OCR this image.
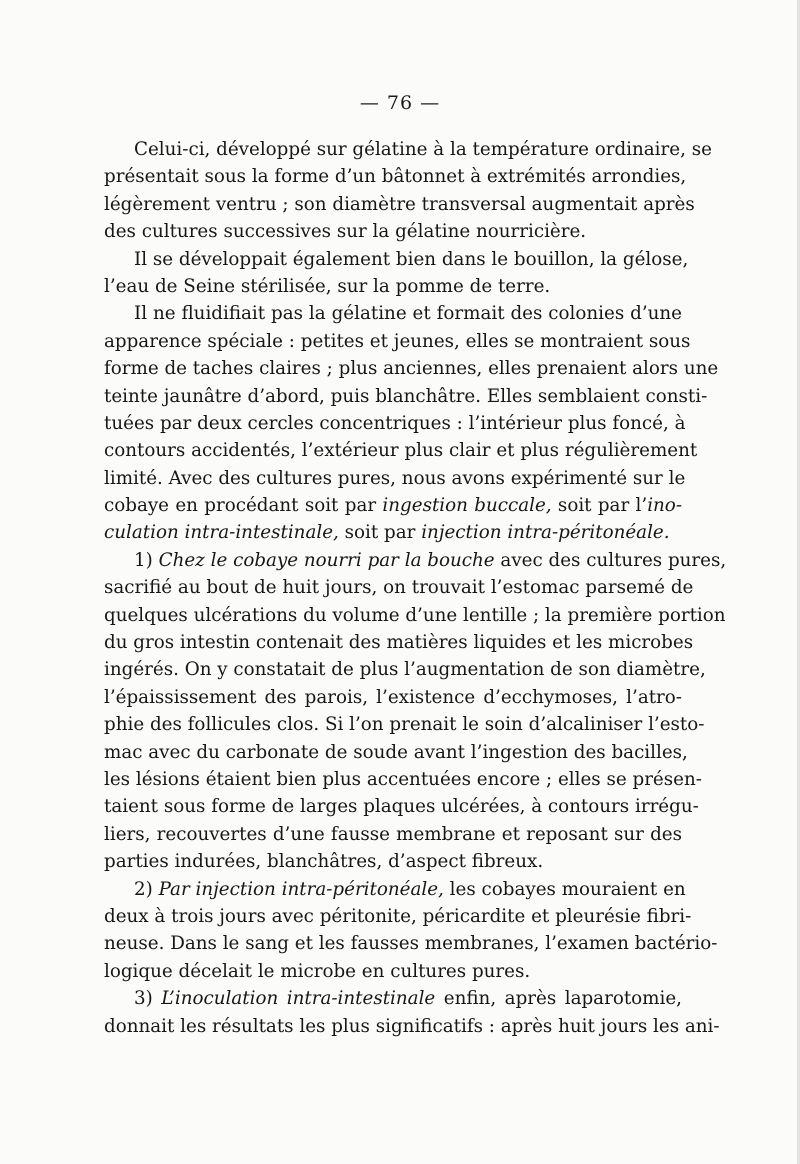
— 76 —
Celui-ci, développé sur gélatine à la température ordinaire, se
présentait sous la forme d’un bâtonnet à extrémités arrondies,
légèrement ventru ; son diamètre transversal augmentait après
des cultures successives sur la gélatine nourricière.
Il se développait également bien dans le bouillon, la gélose,
l’eau de Seine stérilisée, sur la pomme de terre.
Il ne fluidifiait pas la gélatine et formait des colonies d’une
apparence spéciale : petites et jeunes, elles se montraient sous
forme de taches claires ; plus anciennes, elles prenaient alors une
teinte jaunâtre d’abord, puis blanchâtre. Elles semblaient consti-
tuées par deux cercles concentriques : l’intérieur plus foncé, à
contours accidentés, l’extérieur plus clair et plus régulièrement
limité. Avec des cultures pures, nous avons expérimenté sur le
cobaye en procédant soit par ingestion buccale, soit par l’ino-
culation intra-intestinale, soit par injection intra-péritonéale.
1) Chez le cobaye nourri par la bouche avec des cultures pures,
sacrifié au bout de huit jours, on trouvait l’estomac parsemé de
quelques ulcérations du volume d’une lentille ; la première portion
du gros intestin contenait des matières liquides et les microbes
ingérés. On y constatait de plus l’augmentation de son diamètre,
l’épaississement des parois, l’existence d’ecchymoses, l’atro-
phie des follicules clos. Si l’on prenait le soin d’alcaliniser l’esto-
mac avec du carbonate de soude avant l’ingestion des bacilles,
les lésions étaient bien plus accentuées encore ; elles se présen-
taient sous forme de larges plaques ulcérées, à contours irrégu-
liers, recouvertes d’une fausse membrane et reposant sur des
parties indurées, blanchâtres, d’aspect fibreux.
2) Par injection intra-péritonéale, les cobayes mouraient en
deux à trois jours avec péritonite, péricardite et pleurésie fibri-
neuse. Dans le sang et les fausses membranes, l’examen bactério-
logique décelait le microbe en cultures pures.
3) L’inoculation intra-intestinale enfin, après laparotomie,
donnait les résultats les plus significatifs : après huit jours les ani-
